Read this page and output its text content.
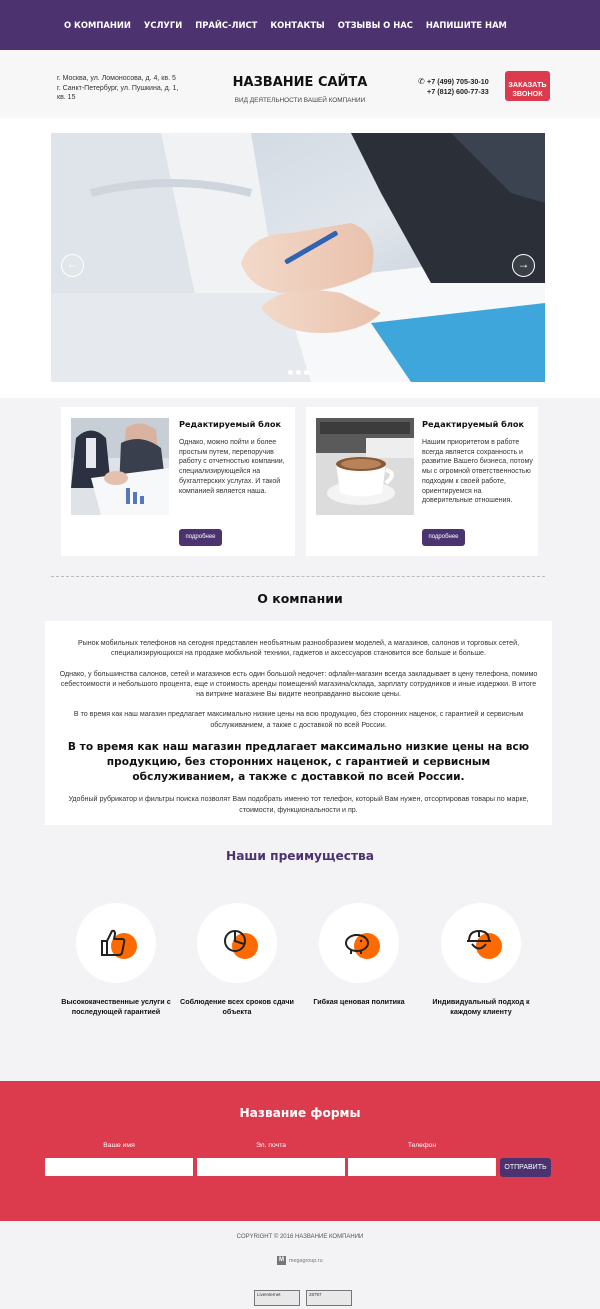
О КОМПАНИИ УСЛУГИ ПРАЙС-ЛИСТ КОНТАКТЫ ОТЗЫВЫ О НАС НАПИШИТЕ НАМ
г. Москва, ул. Ломоносова, д. 4, кв. 5
г. Санкт-Петербург, ул. Пушкина, д. 1, кв. 15
НАЗВАНИЕ САЙТА	✆ +7 (499) 705-30-10
+7 (812) 600-77-33
ЗАКАЗАТЬ ЗВОНОК
ВИД ДЕЯТЕЛЬНОСТИ ВАШЕЙ КОМПАНИИ
←	→
Редактируемый блок
Однако, можно пойти и более простым путем, перепоручив работу с отчетностью компании, специализирующейся на бухгалтерских услугах. И такой компанией является наша.
подробнее
Редактируемый блок
Нашим приоритетом в работе всегда является сохранность и развитие Вашего бизнеса, потому мы с огромной ответственностью подходим к своей работе, ориентируемся на доверительные отношения.
подробнее
О компании

Рынок мобильных телефонов на сегодня представлен необъятным разнообразием моделей, а магазинов, салонов и торговых сетей, специализирующихся на продаже мобильной техники, гаджетов и аксессуаров становится все больше и больше.

Однако, у большинства салонов, сетей и магазинов есть один большой недочет: офлайн-магазин всегда закладывает в цену телефона, помимо себестоимости и небольшого процента, еще и стоимость аренды помещений магазина/склада, зарплату сотрудников и иные издержки. В итоге на витрине магазине Вы видите неоправданно высокие цены.

В то время как наш магазин предлагает максимально низкие цены на всю продукцию, без сторонних наценок, с гарантией и сервисным обслуживанием, а также с доставкой по всей России.

В то время как наш магазин предлагает максимально низкие цены на всю продукцию, без сторонних наценок, с гарантией и сервисным обслуживанием, а также с доставкой по всей России.

Удобный рубрикатор и фильтры поиска позволят Вам подобрать именно тот телефон, который Вам нужен, отсортировав товары по марке, стоимости, функциональности и пр.

Наши преимущества
Высококачественные услуги с последующей гарантией
Соблюдение всех сроков сдачи объекта
Гибкая ценовая политика	Индивидуальный подход к каждому клиенту
Название формы
Ваше имя	Эл. почта	Телефон
ОТПРАВИТЬ
COPYRIGHT © 2016 НАЗВАНИЕ КОМПАНИИ
M megagroup.ru
LiveInternet	28797
